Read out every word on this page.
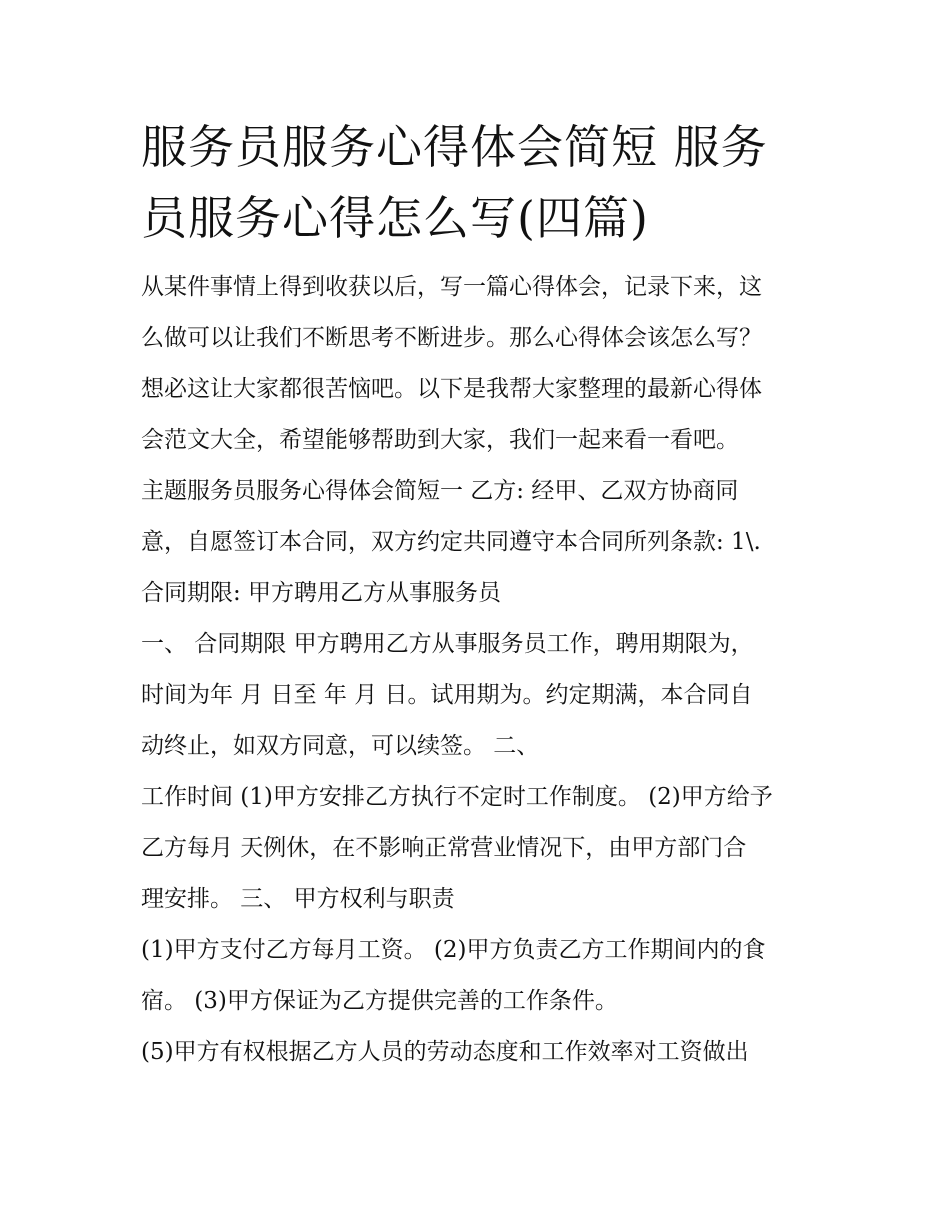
服务员服务心得体会简短 服务
员服务心得怎么写(四篇)

从某件事情上得到收获以后，写一篇心得体会，记录下来，这
么做可以让我们不断思考不断进步。那么心得体会该怎么写？
想必这让大家都很苦恼吧。以下是我帮大家整理的最新心得体
会范文大全，希望能够帮助到大家，我们一起来看一看吧。

主题服务员服务心得体会简短一 乙方: 经甲、乙双方协商同
意，自愿签订本合同，双方约定共同遵守本合同所列条款: 1\.
合同期限: 甲方聘用乙方从事服务员

一、 合同期限 甲方聘用乙方从事服务员工作，聘用期限为，
时间为年 月 日至 年 月 日。试用期为。约定期满，本合同自
动终止，如双方同意，可以续签。 二、

工作时间 (1)甲方安排乙方执行不定时工作制度。 (2)甲方给予
乙方每月 天例休，在不影响正常营业情况下，由甲方部门合
理安排。 三、 甲方权利与职责

(1)甲方支付乙方每月工资。 (2)甲方负责乙方工作期间内的食
宿。 (3)甲方保证为乙方提供完善的工作条件。

(5)甲方有权根据乙方人员的劳动态度和工作效率对工资做出
